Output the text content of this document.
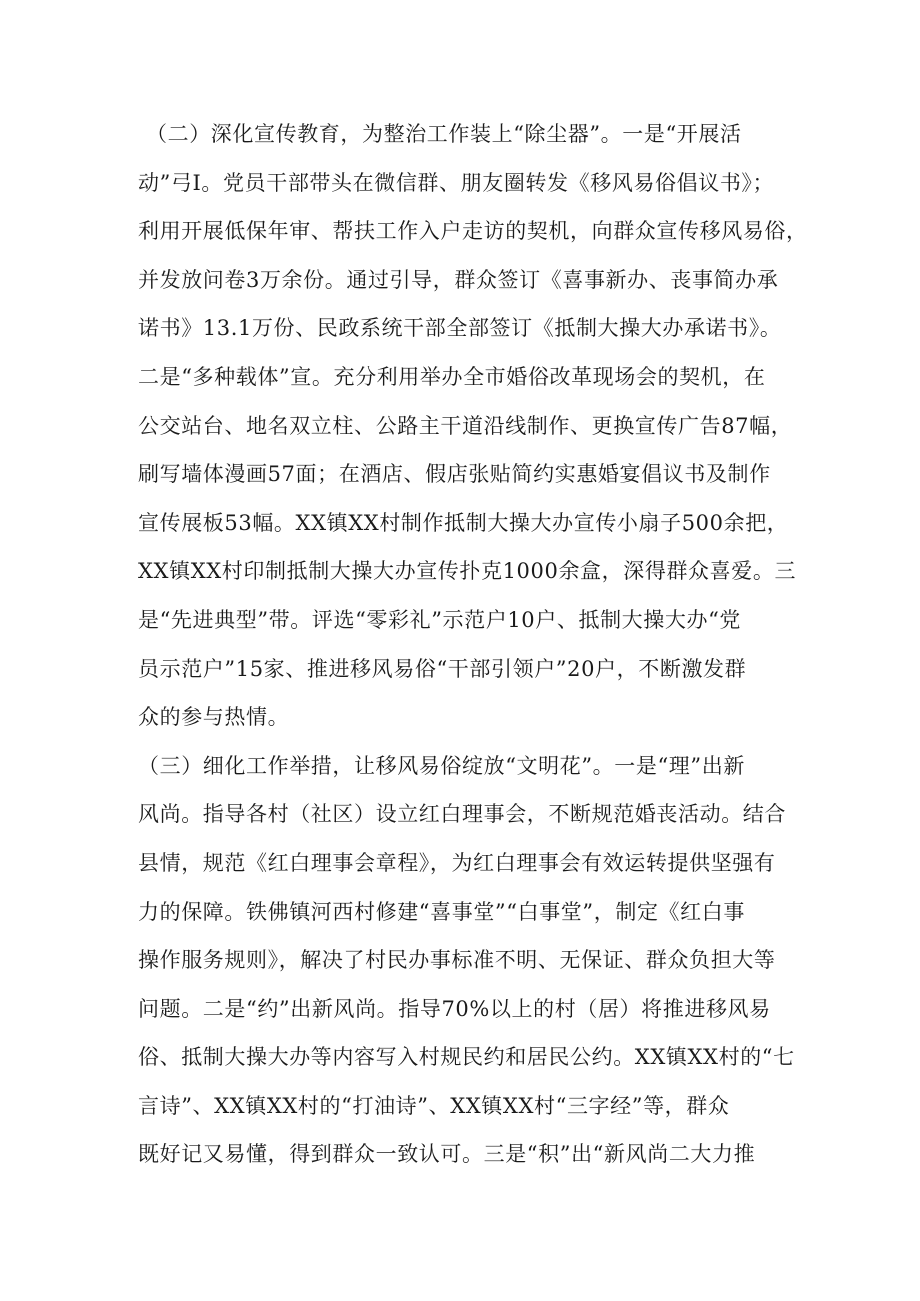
（二）深化宣传教育，为整治工作装上“除尘器”。一是“开展活
动”弓I。党员干部带头在微信群、朋友圈转发《移风易俗倡议书》；
利用开展低保年审、帮扶工作入户走访的契机，向群众宣传移风易俗，
并发放问卷3万余份。通过引导，群众签订《喜事新办、丧事简办承
诺书》13.1万份、民政系统干部全部签订《抵制大操大办承诺书》。
二是“多种载体”宣。充分利用举办全市婚俗改革现场会的契机，在
公交站台、地名双立柱、公路主干道沿线制作、更换宣传广告87幅，
刷写墙体漫画57面；在酒店、假店张贴简约实惠婚宴倡议书及制作
宣传展板53幅。XX镇XX村制作抵制大操大办宣传小扇子500余把，
XX镇XX村印制抵制大操大办宣传扑克1000余盒，深得群众喜爱。三
是“先进典型”带。评选“零彩礼”示范户10户、抵制大操大办“党
员示范户”15家、推进移风易俗“干部引领户”20户，不断激发群
众的参与热情。
（三）细化工作举措，让移风易俗绽放“文明花”。一是“理”出新
风尚。指导各村（社区）设立红白理事会，不断规范婚丧活动。结合
县情，规范《红白理事会章程》，为红白理事会有效运转提供坚强有
力的保障。铁佛镇河西村修建“喜事堂”“白事堂”，制定《红白事
操作服务规则》，解决了村民办事标准不明、无保证、群众负担大等
问题。二是“约”出新风尚。指导70%以上的村（居）将推进移风易
俗、抵制大操大办等内容写入村规民约和居民公约。XX镇XX村的“七
言诗”、XX镇XX村的“打油诗”、XX镇XX村“三字经”等，群众
既好记又易懂，得到群众一致认可。三是“积”出“新风尚二大力推
